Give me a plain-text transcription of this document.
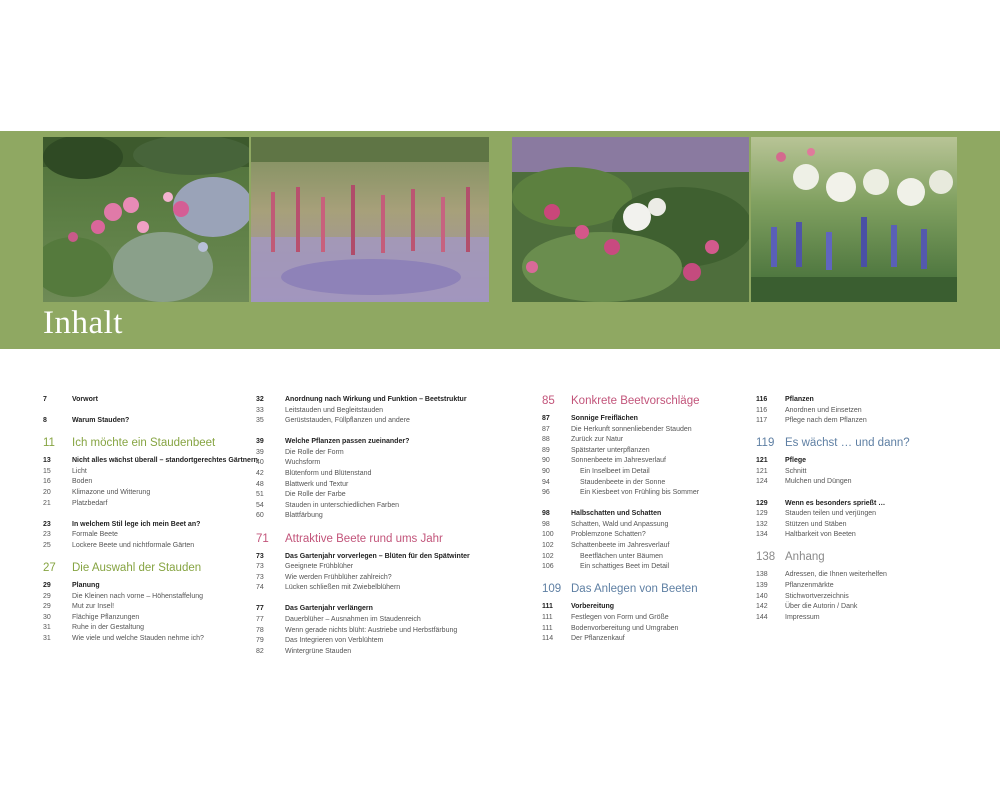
Inhalt
7	Vorwort
8	Warum Stauden?
11	Ich möchte ein Staudenbeet
13	Nicht alles wächst überall – standortgerechtes Gärtnern
15	Licht
16	Boden
20	Klimazone und Witterung
21	Platzbedarf
23	In welchem Stil lege ich mein Beet an?
23	Formale Beete
25	Lockere Beete und nichtformale Gärten
27	Die Auswahl der Stauden
29	Planung
29	Die Kleinen nach vorne – Höhenstaffelung
29	Mut zur Insel!
30	Flächige Pflanzungen
31	Ruhe in der Gestaltung
31	Wie viele und welche Stauden nehme ich?
32	Anordnung nach Wirkung und Funktion – Beetstruktur
33	Leitstauden und Begleitstauden
35	Gerüststauden, Füllpflanzen und andere
39	Welche Pflanzen passen zueinander?
39	Die Rolle der Form
40	Wuchsform
42	Blütenform und Blütenstand
48	Blattwerk und Textur
51	Die Rolle der Farbe
54	Stauden in unterschiedlichen Farben
60	Blattfärbung
71	Attraktive Beete rund ums Jahr
73	Das Gartenjahr vorverlegen – Blüten für den Spätwinter
73	Geeignete Frühblüher
73	Wie werden Frühblüher zahlreich?
74	Lücken schließen mit Zwiebelblühern
77	Das Gartenjahr verlängern
77	Dauerblüher – Ausnahmen im Staudenreich
78	Wenn gerade nichts blüht: Austriebe und Herbstfärbung
79	Das Integrieren von Verblühtem
82	Wintergrüne Stauden
85	Konkrete Beetvorschläge
87	Sonnige Freiflächen
87	Die Herkunft sonnenliebender Stauden
88	Zurück zur Natur
89	Spätstarter unterpflanzen
90	Sonnenbeete im Jahresverlauf
90	Ein Inselbeet im Detail
94	Staudenbeete in der Sonne
96	Ein Kiesbeet von Frühling bis Sommer
98	Halbschatten und Schatten
98	Schatten, Wald und Anpassung
100	Problemzone Schatten?
102	Schattenbeete im Jahresverlauf
102	Beetflächen unter Bäumen
106	Ein schattiges Beet im Detail
109 Das Anlegen von Beeten
111	Vorbereitung
111	Festlegen von Form und Größe
111	Bodenvorbereitung und Umgraben
114	Der Pflanzenkauf
116	Pflanzen
116	Anordnen und Einsetzen
117	Pflege nach dem Pflanzen
119 Es wächst … und dann?
121	Pflege
121	Schnitt
124	Mulchen und Düngen
129	Wenn es besonders sprießt …
129	Stauden teilen und verjüngen
132	Stützen und Stäben
134	Haltbarkeit von Beeten
138 Anhang
138	Adressen, die Ihnen weiterhelfen
139	Pflanzenmärkte
140	Stichwortverzeichnis
142	Über die Autorin / Dank
144	Impressum
